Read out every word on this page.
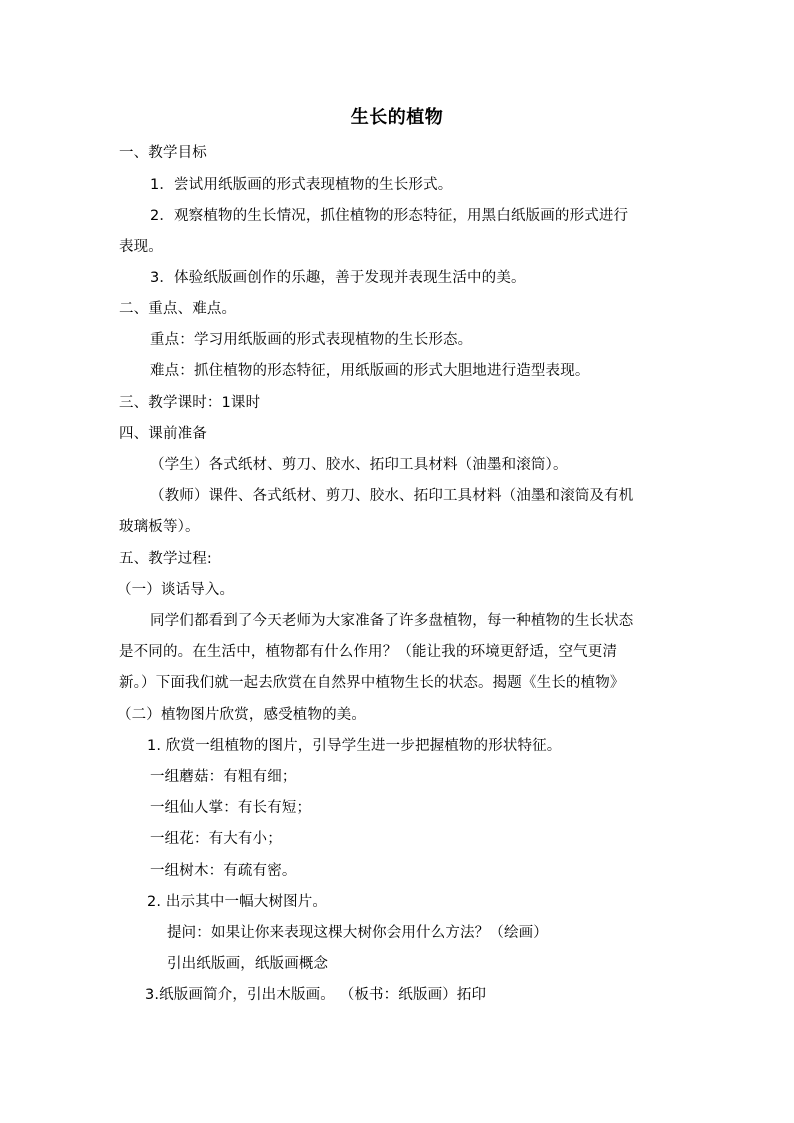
生长的植物
一、教学目标
1．尝试用纸版画的形式表现植物的生长形式。
2．观察植物的生长情况，抓住植物的形态特征，用黑白纸版画的形式进行
表现。
3．体验纸版画创作的乐趣，善于发现并表现生活中的美。
二、重点、难点。
重点：学习用纸版画的形式表现植物的生长形态。
难点：抓住植物的形态特征，用纸版画的形式大胆地进行造型表现。
三、教学课时：1课时
四、课前准备
（学生）各式纸材、剪刀、胶水、拓印工具材料（油墨和滚筒）。
（教师）课件、各式纸材、剪刀、胶水、拓印工具材料（油墨和滚筒及有机
玻璃板等）。
五、教学过程:
（一）谈话导入。
同学们都看到了今天老师为大家准备了许多盘植物，每一种植物的生长状态
是不同的。在生活中，植物都有什么作用？（能让我的环境更舒适，空气更清
新。）下面我们就一起去欣赏在自然界中植物生长的状态。揭题《生长的植物》
（二）植物图片欣赏，感受植物的美。
1. 欣赏一组植物的图片，引导学生进一步把握植物的形状特征。
一组蘑菇：有粗有细；
一组仙人掌：有长有短；
一组花：有大有小；
一组树木：有疏有密。
2. 出示其中一幅大树图片。
提问：如果让你来表现这棵大树你会用什么方法？（绘画）
引出纸版画，纸版画概念
3.纸版画简介，引出木版画。 （板书：纸版画）拓印
